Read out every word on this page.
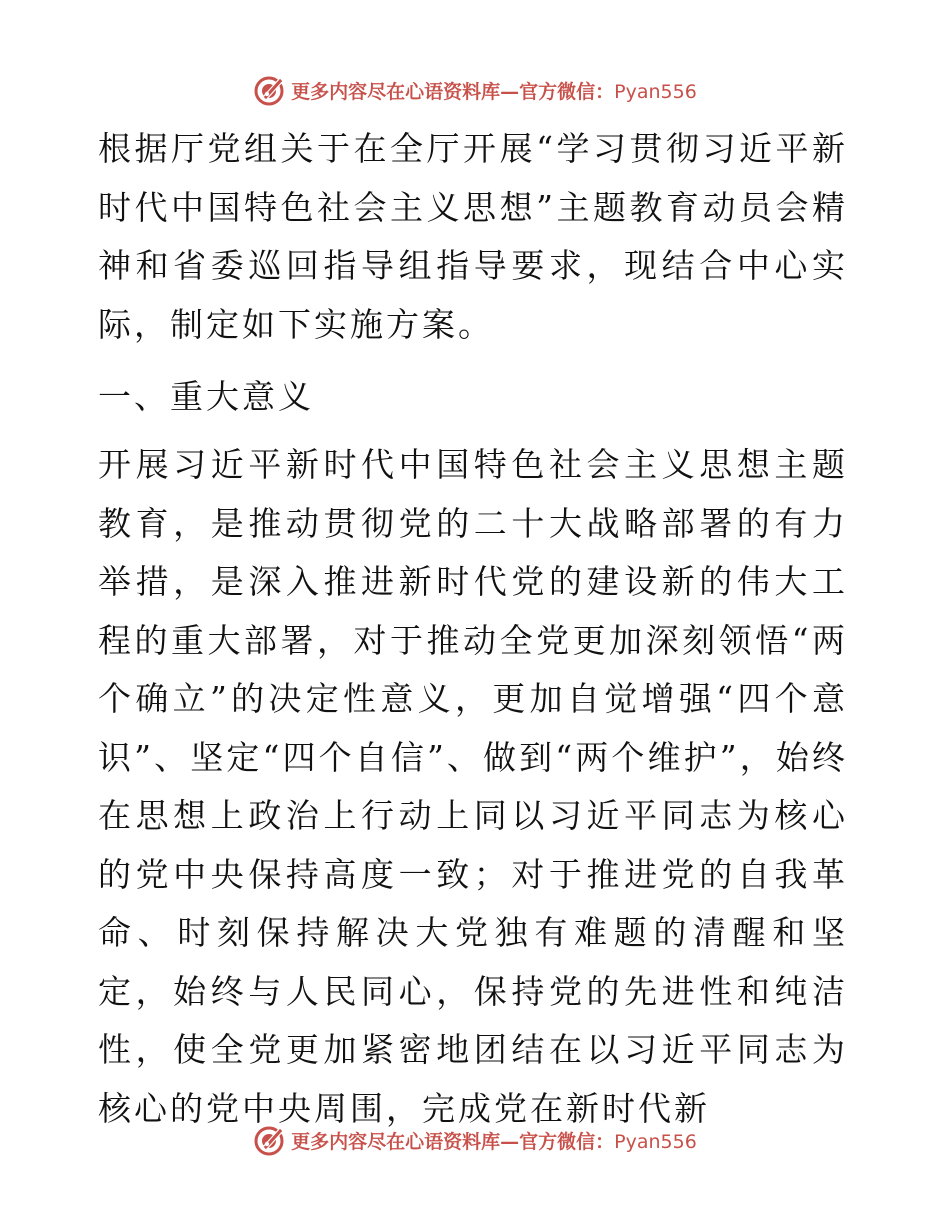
更多内容尽在心语资料库—官方微信：Pyan556

根据厅党组关于在全厅开展“学习贯彻习近平新时代中国特色社会主义思想”主题教育动员会精神和省委巡回指导组指导要求，现结合中心实际，制定如下实施方案。

一、重大意义

开展习近平新时代中国特色社会主义思想主题教育，是推动贯彻党的二十大战略部署的有力举措，是深入推进新时代党的建设新的伟大工程的重大部署，对于推动全党更加深刻领悟“两个确立”的决定性意义，更加自觉增强“四个意识”、坚定“四个自信”、做到“两个维护”，始终在思想上政治上行动上同以习近平同志为核心的党中央保持高度一致；对于推进党的自我革命、时刻保持解决大党独有难题的清醒和坚定，始终与人民同心，保持党的先进性和纯洁性，使全党更加紧密地团结在以习近平同志为核心的党中央周围，完成党在新时代新

更多内容尽在心语资料库—官方微信：Pyan556
